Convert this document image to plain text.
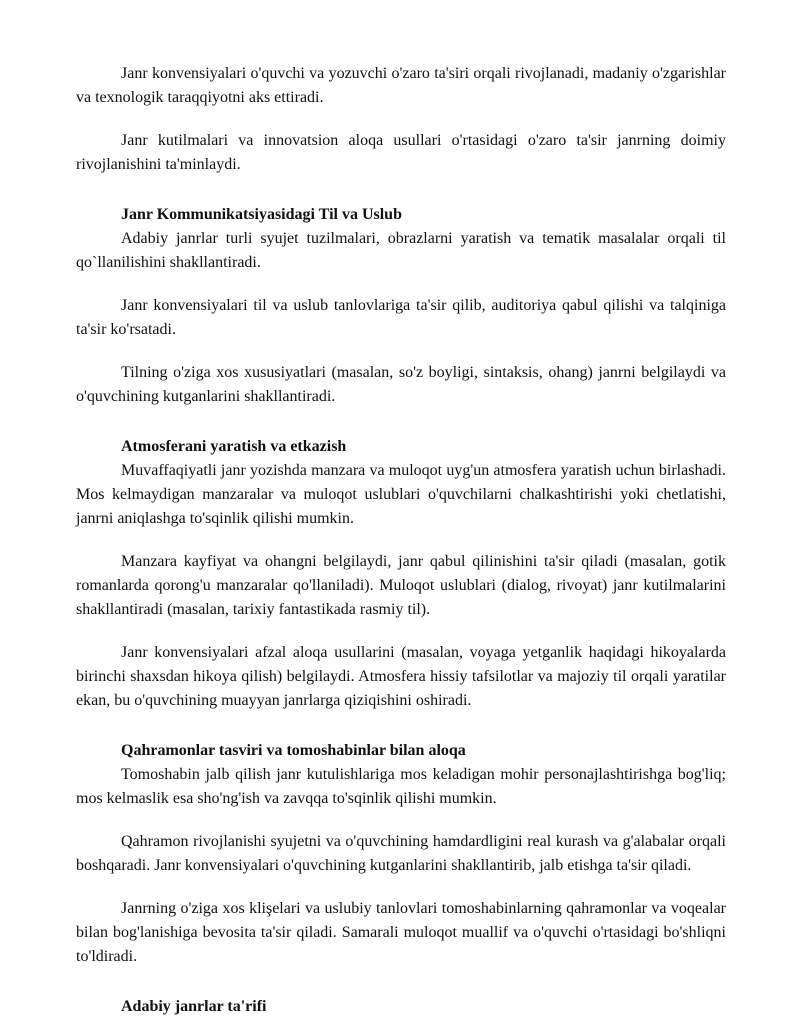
Janr konvensiyalari o'quvchi va yozuvchi o'zaro ta'siri orqali rivojlanadi, madaniy o'zgarishlar va texnologik taraqqiyotni aks ettiradi.

Janr kutilmalari va innovatsion aloqa usullari o'rtasidagi o'zaro ta'sir janrning doimiy rivojlanishini ta'minlaydi.

Janr Kommunikatsiyasidagi Til va Uslub

Adabiy janrlar turli syujet tuzilmalari, obrazlarni yaratish va tematik masalalar orqali til qo`llanilishini shakllantiradi.

Janr konvensiyalari til va uslub tanlovlariga ta'sir qilib, auditoriya qabul qilishi va talqiniga ta'sir ko'rsatadi.

Tilning o'ziga xos xususiyatlari (masalan, so'z boyligi, sintaksis, ohang) janrni belgilaydi va o'quvchining kutganlarini shakllantiradi.

Atmosferani yaratish va etkazish

Muvaffaqiyatli janr yozishda manzara va muloqot uyg'un atmosfera yaratish uchun birlashadi. Mos kelmaydigan manzaralar va muloqot uslublari o'quvchilarni chalkashtirishi yoki chetlatishi, janrni aniqlashga to'sqinlik qilishi mumkin.

Manzara kayfiyat va ohangni belgilaydi, janr qabul qilinishini ta'sir qiladi (masalan, gotik romanlarda qorong'u manzaralar qo'llaniladi). Muloqot uslublari (dialog, rivoyat) janr kutilmalarini shakllantiradi (masalan, tarixiy fantastikada rasmiy til).

Janr konvensiyalari afzal aloqa usullarini (masalan, voyaga yetganlik haqidagi hikoyalarda birinchi shaxsdan hikoya qilish) belgilaydi. Atmosfera hissiy tafsilotlar va majoziy til orqali yaratilar ekan, bu o'quvchining muayyan janrlarga qiziqishini oshiradi.

Qahramonlar tasviri va tomoshabinlar bilan aloqa

Tomoshabin jalb qilish janr kutulishlariga mos keladigan mohir personajlashtirishga bog'liq; mos kelmaslik esa sho'ng'ish va zavqqa to'sqinlik qilishi mumkin.

Qahramon rivojlanishi syujetni va o'quvchining hamdardligini real kurash va g'alabalar orqali boshqaradi. Janr konvensiyalari o'quvchining kutganlarini shakllantirib, jalb etishga ta'sir qiladi.

Janrning o'ziga xos klişelari va uslubiy tanlovlari tomoshabinlarning qahramonlar va voqealar bilan bog'lanishiga bevosita ta'sir qiladi. Samarali muloqot muallif va o'quvchi o'rtasidagi bo'shliqni to'ldiradi.

Adabiy janrlar ta'rifi
